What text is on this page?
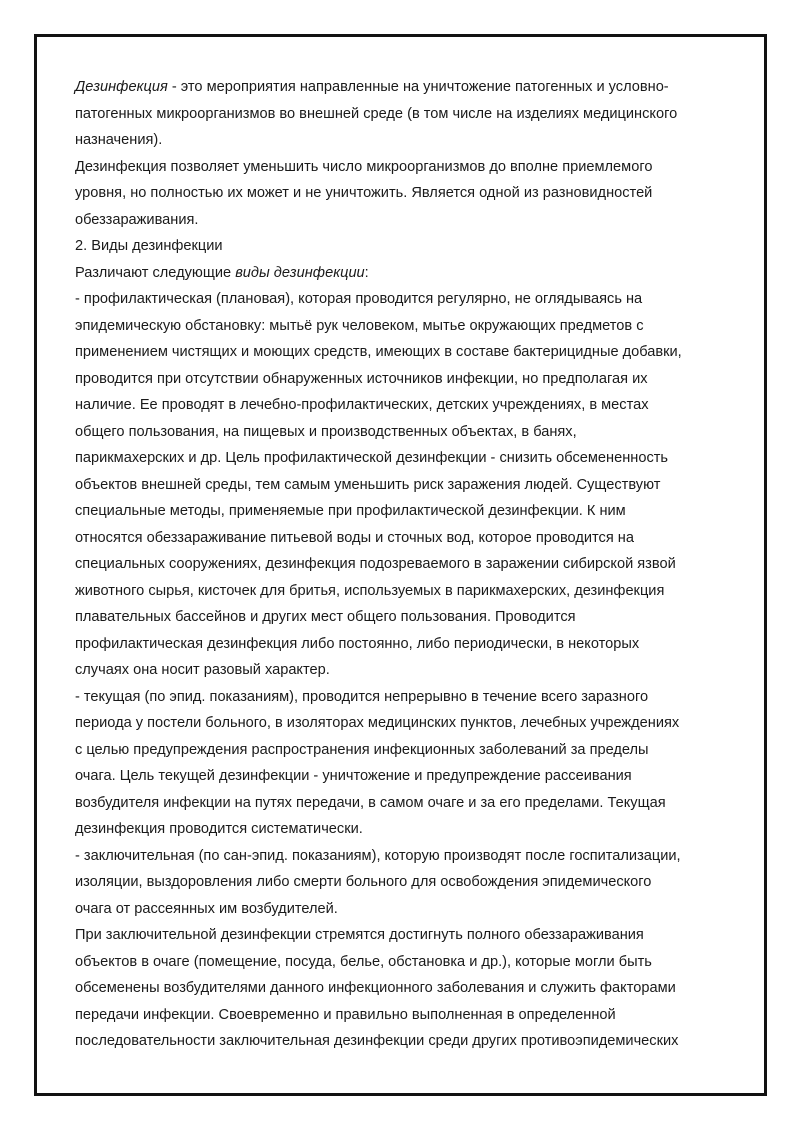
Дезинфекция - это мероприятия направленные на уничтожение патогенных и условно-
патогенных микроорганизмов во внешней среде (в том числе на изделиях медицинского
назначения).
Дезинфекция позволяет уменьшить число микроорганизмов до вполне приемлемого
уровня, но полностью их может и не уничтожить. Является одной из разновидностей
обеззараживания.
2. Виды дезинфекции
Различают следующие виды дезинфекции:
- профилактическая (плановая), которая проводится регулярно, не оглядываясь на
эпидемическую обстановку: мытьё рук человеком, мытье окружающих предметов с
применением чистящих и моющих средств, имеющих в составе бактерицидные добавки,
проводится при отсутствии обнаруженных источников инфекции, но предполагая их
наличие. Ее проводят в лечебно-профилактических, детских учреждениях, в местах
общего пользования, на пищевых и производственных объектах, в банях,
парикмахерских и др. Цель профилактической дезинфекции - снизить обсемененность
объектов внешней среды, тем самым уменьшить риск заражения людей. Существуют
специальные методы, применяемые при профилактической дезинфекции. К ним
относятся обеззараживание питьевой воды и сточных вод, которое проводится на
специальных сооружениях, дезинфекция подозреваемого в заражении сибирской язвой
животного сырья, кисточек для бритья, используемых в парикмахерских, дезинфекция
плавательных бассейнов и других мест общего пользования. Проводится
профилактическая дезинфекция либо постоянно, либо периодически, в некоторых
случаях она носит разовый характер.
- текущая (по эпид. показаниям), проводится непрерывно в течение всего заразного
периода у постели больного, в изоляторах медицинских пунктов, лечебных учреждениях
с целью предупреждения распространения инфекционных заболеваний за пределы
очага. Цель текущей дезинфекции - уничтожение и предупреждение рассеивания
возбудителя инфекции на путях передачи, в самом очаге и за его пределами. Текущая
дезинфекция проводится систематически.
- заключительная (по сан-эпид. показаниям), которую производят после госпитализации,
изоляции, выздоровления либо смерти больного для освобождения эпидемического
очага от рассеянных им возбудителей.
При заключительной дезинфекции стремятся достигнуть полного обеззараживания
объектов в очаге (помещение, посуда, белье, обстановка и др.), которые могли быть
обсеменены возбудителями данного инфекционного заболевания и служить факторами
передачи инфекции. Своевременно и правильно выполненная в определенной
последовательности заключительная дезинфекции среди других противоэпидемических
